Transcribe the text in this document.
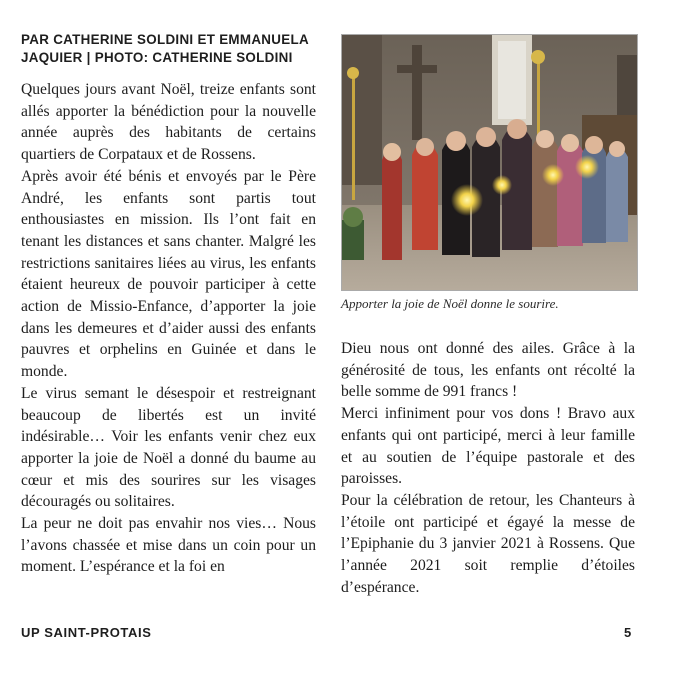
PAR CATHERINE SOLDINI ET EMMANUELA JAQUIER | PHOTO: CATHERINE SOLDINI

Quelques jours avant Noël, treize enfants sont allés apporter la bénédiction pour la nouvelle année auprès des habitants de certains quartiers de Corpataux et de Rossens.

Après avoir été bénis et envoyés par le Père André, les enfants sont partis tout enthousiastes en mission. Ils l’ont fait en tenant les distances et sans chanter. Malgré les restrictions sanitaires liées au virus, les enfants étaient heureux de pouvoir participer à cette action de Missio-Enfance, d’apporter la joie dans les demeures et d’aider aussi des enfants pauvres et orphelins en Guinée et dans le monde.

Le virus semant le désespoir et restreignant beaucoup de libertés est un invité indésirable… Voir les enfants venir chez eux apporter la joie de Noël a donné du baume au cœur et mis des sourires sur les visages découragés ou solitaires.

La peur ne doit pas envahir nos vies… Nous l’avons chassée et mise dans un coin pour un moment. L’espérance et la foi en

Apporter la joie de Noël donne le sourire.

Dieu nous ont donné des ailes. Grâce à la générosité de tous, les enfants ont récolté la belle somme de 991 francs !

Merci infiniment pour vos dons ! Bravo aux enfants qui ont participé, merci à leur famille et au soutien de l’équipe pastorale et des paroisses.

Pour la célébration de retour, les Chanteurs à l’étoile ont participé et égayé la messe de l’Epiphanie du 3 janvier 2021 à Rossens. Que l’année 2021 soit remplie d’étoiles d’espérance.

UP SAINT-PROTAIS	5
